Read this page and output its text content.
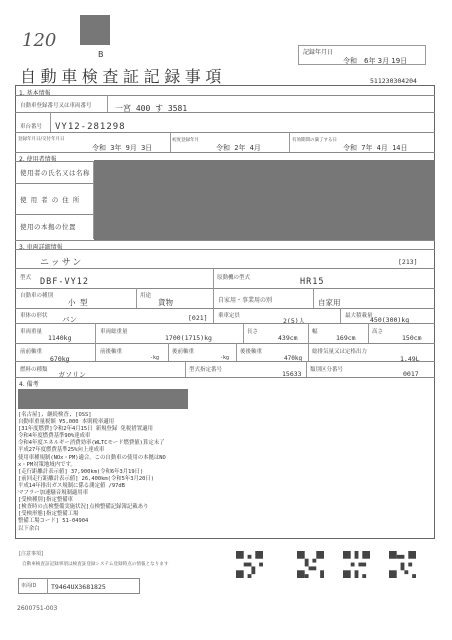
120
B	記録年月日
令和　6年 3月 19日
自動車検査証記録事項	511230304204
1. 基本情報
自動車登録番号又は車両番号	一宮 400 す 3581
車台番号 VY12-281298
登録年月日/交付年月日
令和 3年 9月 3日
初度登録年月
令和 2年 4月
有効期間の満了する日
令和 7年 4月 14日
2. 使用者情報
使用者の氏名又は名称
使 用 者 の 住 所
使用の本拠の位置
3. 車両詳細情報
ニッサン	[213]
型式 DBF-VY12	原動機の型式	HR15
自動車の種別
小 型
用途
貨物	自家用・事業用の別	自家用
車体の形状 バン	[021] 乗車定員
2(5)人
最大積載量
450(300)kg
車両重量
1140kg
車両総重量
1700(1715)kg
長さ
439cm
幅
169cm
高さ
150cm
前前軸重
670kg
前後軸重
-kg
後前軸重
-kg
後後軸重
470kg
総排気量又は定格出力
1.49L
燃料の種類
ガソリン
型式指定番号	15633 類別区分番号	0017
4. 備考
[名古屋], 継続検査, [OSS]
自動車重量税額 ¥5,000 本則税率適用
[31年度燃費]令和2年4月15日 新規登録 免税措置適用
令和4年度燃費基準90%達成車
令和4年度エネルギー消費効率(WLTCモード燃費値)算定未了
平成27年度燃費基準25%向上達成車
使用車種規制(NOx・PM)適合。この自動車の使用の本拠はNO
x・PM対策地域内です。
[走行距離計表示値] 37,900km(令和6年3月19日)
[前回走行距離計表示値] 26,400km(令和5年3月20日)
平成14年排出ガス規制に係る測定値 /97dB
マフラー加速騒音規制適用車
[受検種別]指定整備車
[検査時の点検整備実施状況]点検整備記録簿記載あり
[受検形態]指定整備工場
整備工場コード] 51-04904
以下余白
[注意事項]
自動車検査証記録事項は検査証登録システム登録時点の情報となります
車両ID T9464UX3681825
2600751-003
